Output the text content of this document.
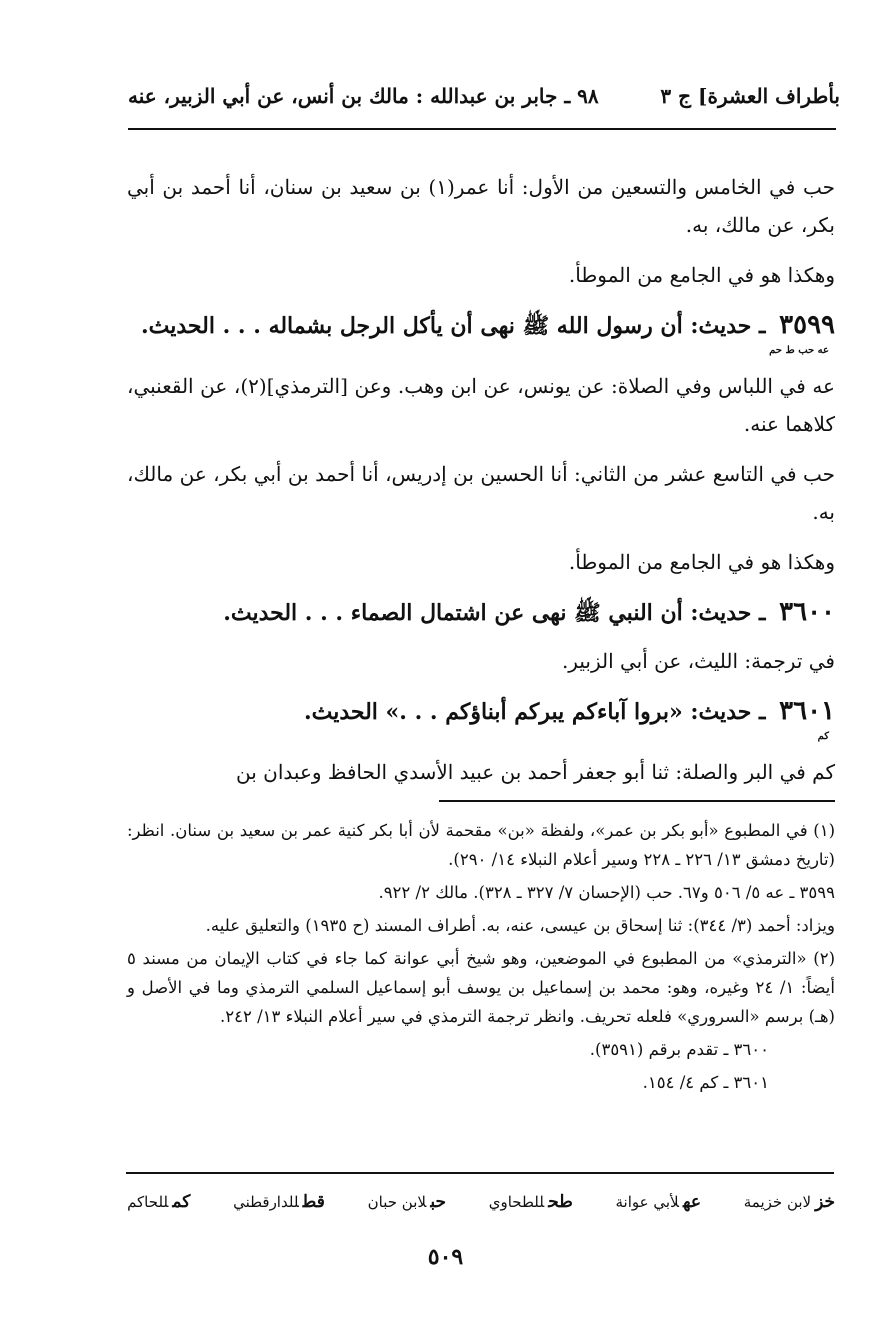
بأطراف العشرة] ج ٣
٩٨ ـ جابر بن عبدالله : مالك بن أنس، عن أبي الزبير، عنه

حب في الخامس والتسعين من الأول: أنا عمر(١) بن سعيد بن سنان، أنا أحمد بن أبي بكر، عن مالك، به.

وهكذا هو في الجامع من الموطأ.

٣٥٩٩ ـ حديث: أن رسول الله ﷺ نهى أن يأكل الرجل بشماله . . . الحديث.
عه حب ط حم

عه في اللباس وفي الصلاة: عن يونس، عن ابن وهب. وعن [الترمذي](٢)، عن القعنبي، كلاهما عنه.

حب في التاسع عشر من الثاني: أنا الحسين بن إدريس، أنا أحمد بن أبي بكر، عن مالك، به.

وهكذا هو في الجامع من الموطأ.

٣٦٠٠ ـ حديث: أن النبي ﷺ نهى عن اشتمال الصماء . . . الحديث.

في ترجمة: الليث، عن أبي الزبير.

٣٦٠١ ـ حديث: «بروا آباءكم يبركم أبناؤكم . . .» الحديث.
كم

كم في البر والصلة: ثنا أبو جعفر أحمد بن عبيد الأسدي الحافظ وعبدان بن

(١) في المطبوع «أبو بكر بن عمر»، ولفظة «بن» مقحمة لأن أبا بكر كنية عمر بن سعيد بن سنان. انظر: (تاريخ دمشق ١٣/ ٢٢٦ ـ ٢٢٨ وسير أعلام النبلاء ١٤/ ٢٩٠).

٣٥٩٩ ـ عه ٥/ ٥٠٦ و٦٧. حب (الإحسان ٧/ ٣٢٧ ـ ٣٢٨). مالك ٢/ ٩٢٢.

ويزاد: أحمد (٣/ ٣٤٤): ثنا إسحاق بن عيسى، عنه، به. أطراف المسند (ح ١٩٣٥) والتعليق عليه.

(٢) «الترمذي» من المطبوع في الموضعين، وهو شيخ أبي عوانة كما جاء في كتاب الإيمان من مسند ٥ أيضاً: ١/ ٢٤ وغيره، وهو: محمد بن إسماعيل بن يوسف أبو إسماعيل السلمي الترمذي وما في الأصل و (هـ) برسم «السروري» فلعله تحريف. وانظر ترجمة الترمذي في سير أعلام النبلاء ١٣/ ٢٤٢.

٣٦٠٠ ـ تقدم برقم (٣٥٩١).

٣٦٠١ ـ كم ٤/ ١٥٤.

خزلابن خزيمة
عهلأبي عوانة
طحللطحاوي
حبلابن حبان
قطللدارقطني
كمللحاكم
٥٠٩
